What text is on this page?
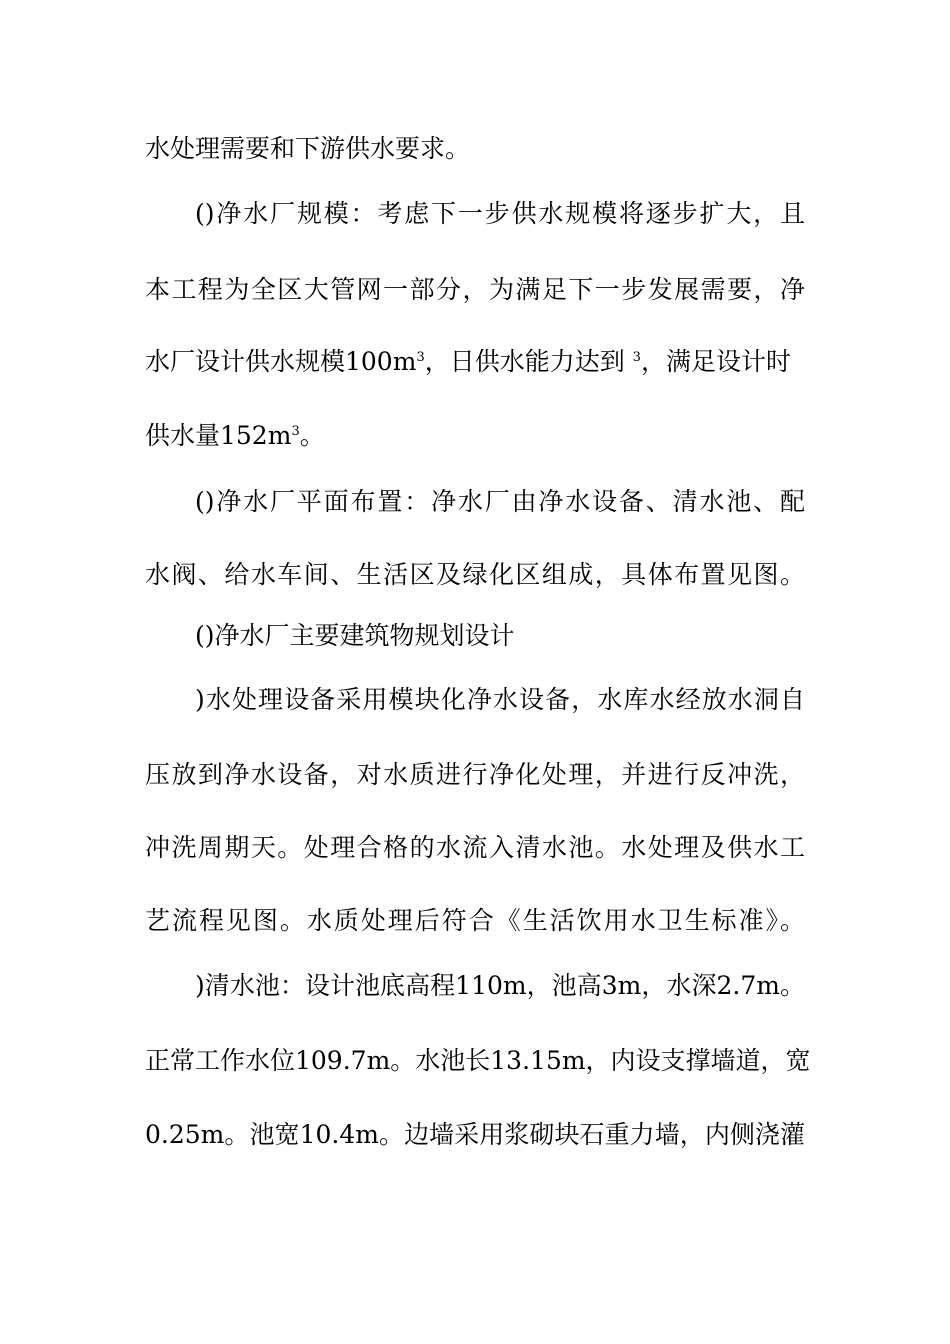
水处理需要和下游供水要求。
()净水厂规模：考虑下一步供水规模将逐步扩大，且
本工程为全区大管网一部分，为满足下一步发展需要，净
水厂设计供水规模$100m^3$，日供水能力达到 $^3$，满足设计时
供水量$152m^3$。
()净水厂平面布置：净水厂由净水设备、清水池、配
水阀、给水车间、生活区及绿化区组成，具体布置见图。
()净水厂主要建筑物规划设计
)水处理设备采用模块化净水设备，水库水经放水洞自
压放到净水设备，对水质进行净化处理，并进行反冲洗，
冲洗周期天。处理合格的水流入清水池。水处理及供水工
艺流程见图。水质处理后符合《生活饮用水卫生标准》。
)清水池：设计池底高程110m，池高3m，水深2.7m。
正常工作水位109.7m。水池长13.15m，内设支撑墙道，宽
0.25m。池宽10.4m。边墙采用浆砌块石重力墙，内侧浇灌
